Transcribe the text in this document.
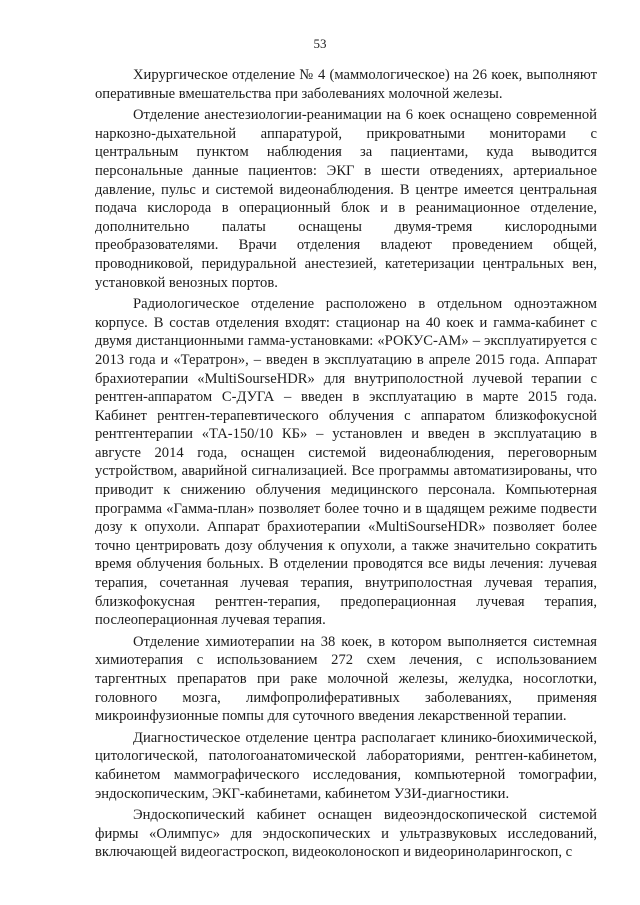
53

Хирургическое отделение № 4 (маммологическое) на 26 коек, выполняют оперативные вмешательства при заболеваниях молочной железы.

Отделение анестезиологии-реанимации на 6 коек оснащено современной наркозно-дыхательной аппаратурой, прикроватными мониторами с центральным пунктом наблюдения за пациентами, куда выводится персональные данные пациентов: ЭКГ в шести отведениях, артериальное давление, пульс и системой видеонаблюдения. В центре имеется центральная подача кислорода в операционный блок и в реанимационное отделение, дополнительно палаты оснащены двумя-тремя кислородными преобразователями. Врачи отделения владеют проведением общей, проводниковой, перидуральной анестезией, катетеризации центральных вен, установкой венозных портов.

Радиологическое отделение расположено в отдельном одноэтажном корпусе. В состав отделения входят: стационар на 40 коек и гамма-кабинет с двумя дистанционными гамма-установками: «РОКУС-АМ» – эксплуатируется с 2013 года и «Тератрон», – введен в эксплуатацию в апреле 2015 года. Аппарат брахиотерапии «MultiSourseHDR» для внутриполостной лучевой терапии с рентген-аппаратом С-ДУГА – введен в эксплуатацию в марте 2015 года. Кабинет рентген-терапевтического облучения с аппаратом близкофокусной рентгентерапии «ТА-150/10 КБ» – установлен и введен в эксплуатацию в августе 2014 года, оснащен системой видеонаблюдения, переговорным устройством, аварийной сигнализацией. Все программы автоматизированы, что приводит к снижению облучения медицинского персонала. Компьютерная программа «Гамма-план» позволяет более точно и в щадящем режиме подвести дозу к опухоли. Аппарат брахиотерапии «MultiSourseHDR» позволяет более точно центрировать дозу облучения к опухоли, а также значительно сократить время облучения больных. В отделении проводятся все виды лечения: лучевая терапия, сочетанная лучевая терапия, внутриполостная лучевая терапия, близкофокусная рентген-терапия, предоперационная лучевая терапия, послеоперационная лучевая терапия.

Отделение химиотерапии на 38 коек, в котором выполняется системная химиотерапия с использованием 272 схем лечения, с использованием таргентных препаратов при раке молочной железы, желудка, носоглотки, головного мозга, лимфопролиферативных заболеваниях, применяя микроинфузионные помпы для суточного введения лекарственной терапии.

Диагностическое отделение центра располагает клинико-биохимической, цитологической, патологоанатомической лабораториями, рентген-кабинетом, кабинетом маммографического исследования, компьютерной томографии, эндоскопическим, ЭКГ-кабинетами, кабинетом УЗИ-диагностики.

Эндоскопический кабинет оснащен видеоэндоскопической системой фирмы «Олимпус» для эндоскопических и ультразвуковых исследований, включающей видеогастроскоп, видеоколоноскоп и видеориноларингоскоп, с
